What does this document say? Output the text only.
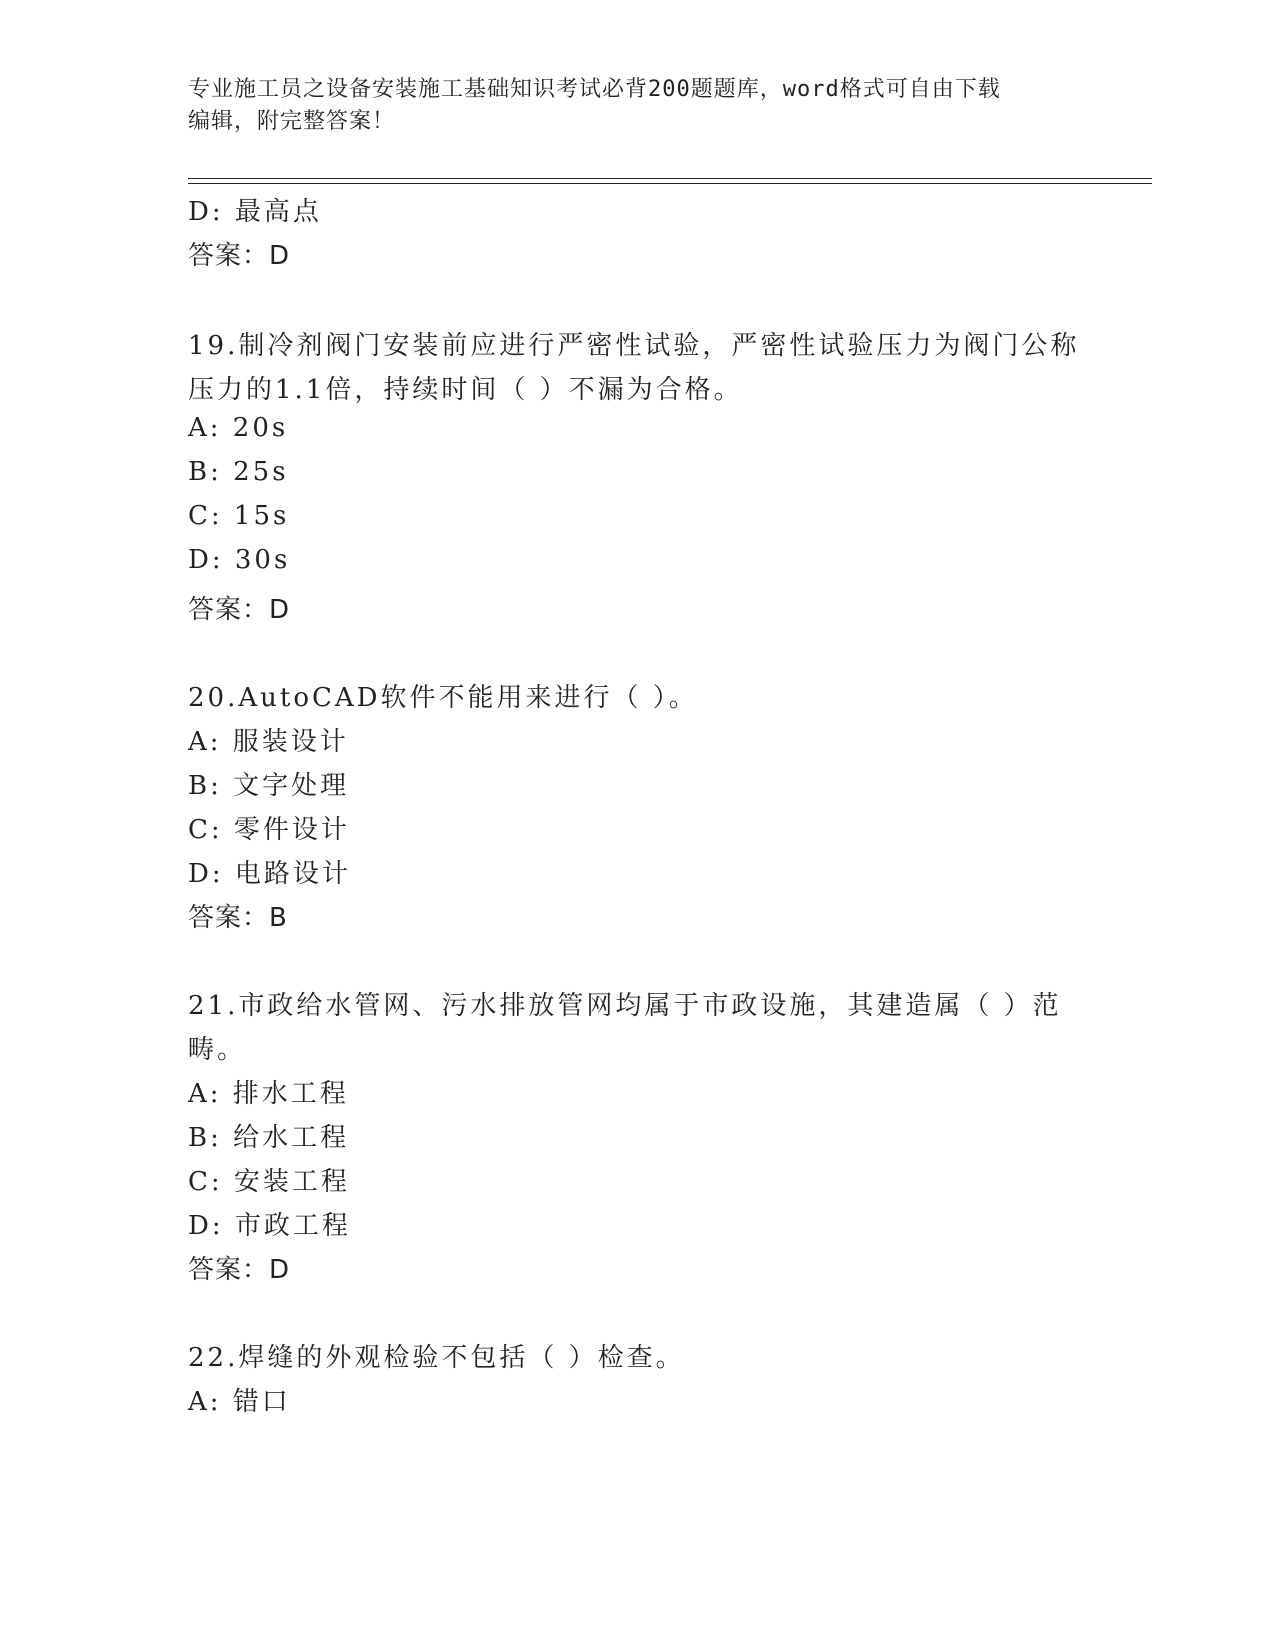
专业施工员之设备安装施工基础知识考试必背200题题库，word格式可自由下载
编辑，附完整答案！
D: 最高点
答案：D
19.制冷剂阀门安装前应进行严密性试验，严密性试验压力为阀门公称
压力的1.1倍，持续时间（ ）不漏为合格。
A: 20s
B: 25s
C: 15s
D: 30s
答案：D
20.AutoCAD软件不能用来进行（ ）。
A: 服装设计
B: 文字处理
C: 零件设计
D: 电路设计
答案：B
21.市政给水管网、污水排放管网均属于市政设施，其建造属（ ）范
畴。
A: 排水工程
B: 给水工程
C: 安装工程
D: 市政工程
答案：D
22.焊缝的外观检验不包括（ ）检查。
A: 错口
